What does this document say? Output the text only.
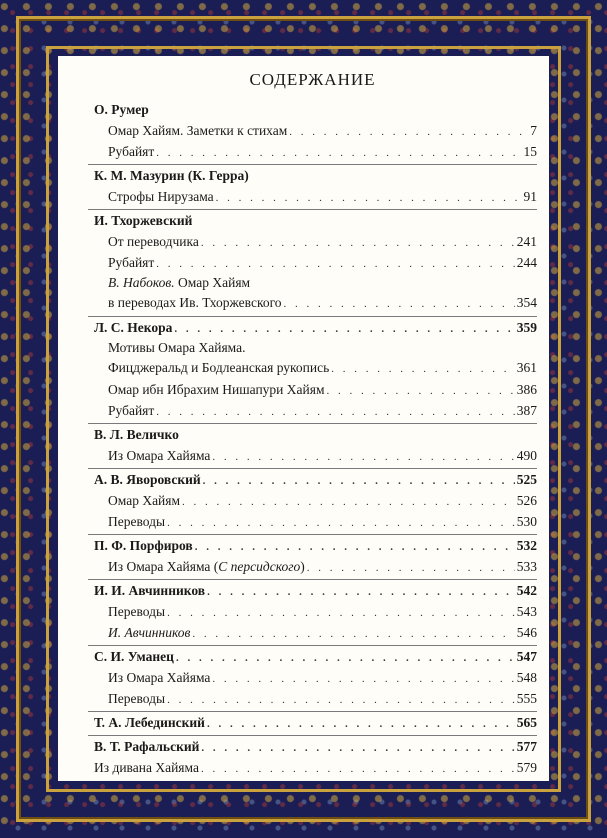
СОДЕРЖАНИЕ
О. Румер
Омар Хайям. Заметки к стихам . . .	7
Рубайят . . .	15
К. М. Мазурин (К. Герра)
Строфы Нирузама . . .	91
И. Тхоржевский
От переводчика . . .	241
Рубайят . . .	244
В. Набоков. Омар Хайям
в переводах Ив. Тхоржевского . . .	354
Л. С. Некора . . .	359
Мотивы Омара Хайяма.
Фицджеральд и Бодлеанская рукопись . . .	361
Омар ибн Ибрахим Нишапури Хайям . . .	386
Рубайят . . .	387
В. Л. Величко
Из Омара Хайяма . . .	490
А. В. Яворовский . . .	525
Омар Хайям . . .	526
Переводы . . .	530
П. Ф. Порфиров . . .	532
Из Омара Хайяма ( С персидского ) . . .	533
И. И. Авчинников . . .	542
Переводы . . .	543
И. Авчинников . . .	546
С. И. Уманец . . .	547
Из Омара Хайяма . . .	548
Переводы . . .	555
Т. А. Лебединский . . .	565
В. Т. Рафальский . . .	577
Из дивана Хайяма . . .	579
